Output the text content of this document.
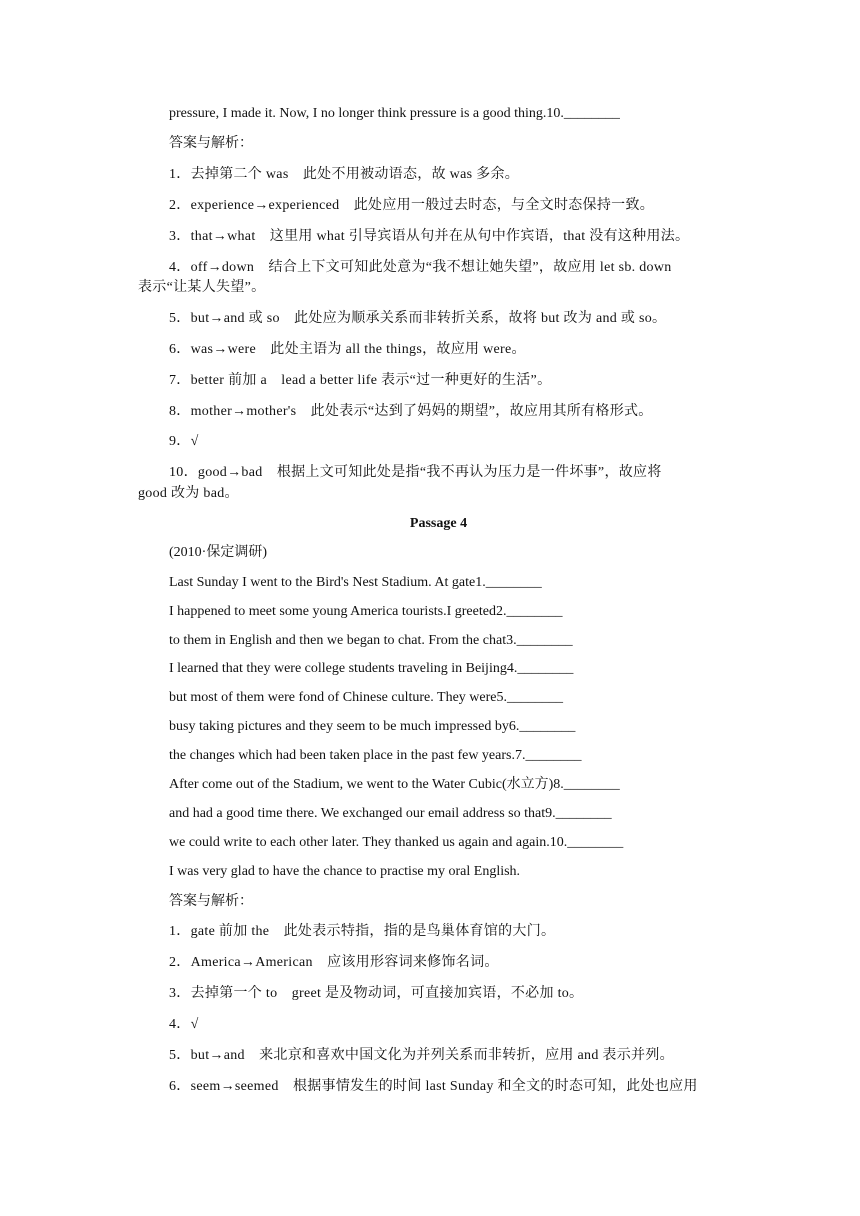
pressure, I made it. Now, I no longer think pressure is a good thing.10.________
答案与解析：
1．去掉第二个 was　此处不用被动语态，故 was 多余。
2．experience→experienced　此处应用一般过去时态，与全文时态保持一致。
3．that→what　这里用 what 引导宾语从句并在从句中作宾语，that 没有这种用法。
4．off→down　结合上下文可知此处意为“我不想让她失望”，故应用 let sb. down
表示“让某人失望”。
5．but→and 或 so　此处应为顺承关系而非转折关系，故将 but 改为 and 或 so。
6．was→were　此处主语为 all the things，故应用 were。
7．better 前加 a　lead a better life 表示“过一种更好的生活”。
8．mother→mother's　此处表示“达到了妈妈的期望”，故应用其所有格形式。
9．√
10．good→bad　根据上文可知此处是指“我不再认为压力是一件坏事”，故应将
good 改为 bad。
Passage 4
(2010·保定调研)
Last Sunday I went to the Bird's Nest Stadium. At gate1.________
I happened to meet some young America tourists.I greeted2.________
to them in English and then we began to chat. From the chat3.________
I learned that they were college students traveling in Beijing4.________
but most of them were fond of Chinese culture. They were5.________
busy taking pictures and they seem to be much impressed by6.________
the changes which had been taken place in the past few years.7.________
After come out of the Stadium, we went to the Water Cubic(水立方)8.________
and had a good time there. We exchanged our email address so that9.________
we could write to each other later. They thanked us again and again.10.________
I was very glad to have the chance to practise my oral English.
答案与解析：
1．gate 前加 the　此处表示特指，指的是鸟巢体育馆的大门。
2．America→American　应该用形容词来修饰名词。
3．去掉第一个 to　greet 是及物动词，可直接加宾语，不必加 to。
4．√
5．but→and　来北京和喜欢中国文化为并列关系而非转折，应用 and 表示并列。
6．seem→seemed　根据事情发生的时间 last Sunday 和全文的时态可知，此处也应用
